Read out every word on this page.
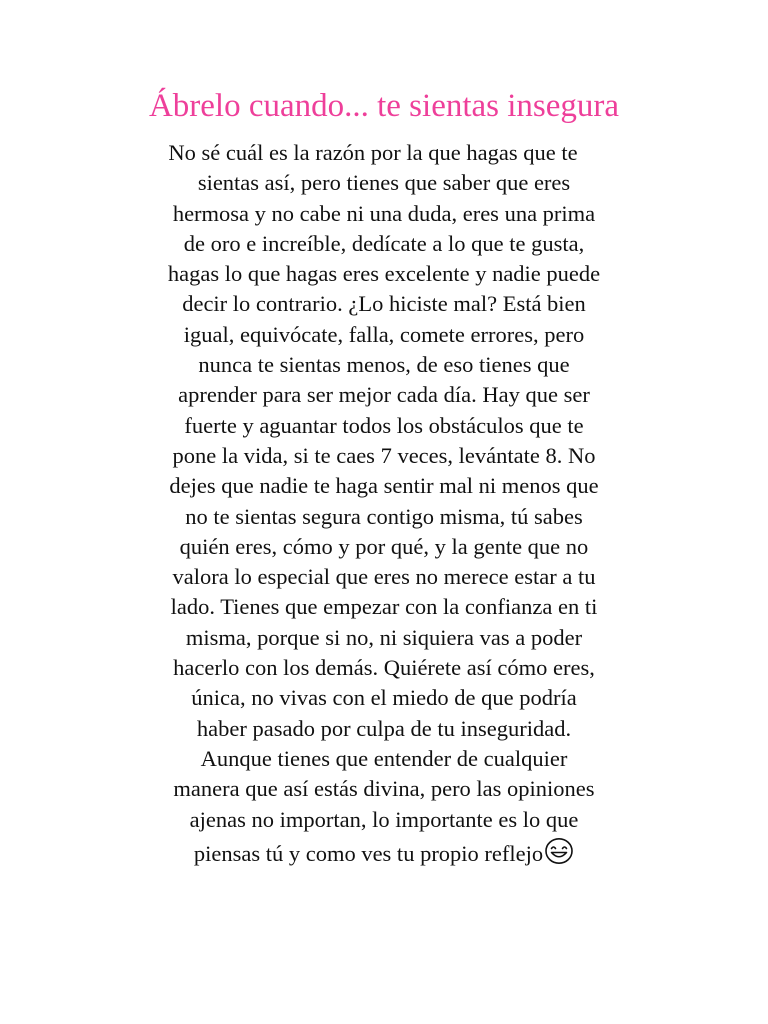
Ábrelo cuando... te sientas insegura
No sé cuál es la razón por la que hagas que te
sientas así, pero tienes que saber que eres
hermosa y no cabe ni una duda, eres una prima
de oro e increíble, dedícate a lo que te gusta,
hagas lo que hagas eres excelente y nadie puede
decir lo contrario. ¿Lo hiciste mal? Está bien
igual, equivócate, falla, comete errores, pero
nunca te sientas menos, de eso tienes que
aprender para ser mejor cada día. Hay que ser
fuerte y aguantar todos los obstáculos que te
pone la vida, si te caes 7 veces, levántate 8. No
dejes que nadie te haga sentir mal ni menos que
no te sientas segura contigo misma, tú sabes
quién eres, cómo y por qué, y la gente que no
valora lo especial que eres no merece estar a tu
lado. Tienes que empezar con la confianza en ti
misma, porque si no, ni siquiera vas a poder
hacerlo con los demás. Quiérete así cómo eres,
única, no vivas con el miedo de que podría
haber pasado por culpa de tu inseguridad.
Aunque tienes que entender de cualquier
manera que así estás divina, pero las opiniones
ajenas no importan, lo importante es lo que
piensas tú y como ves tu propio reflejo
